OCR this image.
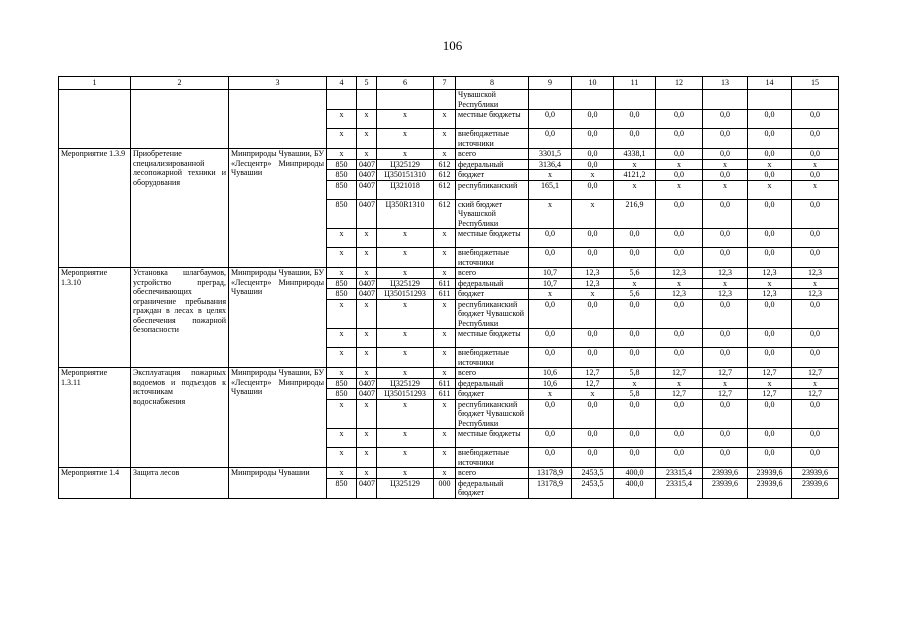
106
1	2	3	4	5	6	7	8	9	10	11	12	13	14	15
							Чувашской Республики							
			x	x	x	x	местные бюджеты	0,0	0,0	0,0	0,0	0,0	0,0	0,0
			x	x	x	x	внебюджетные источники	0,0	0,0	0,0	0,0	0,0	0,0	0,0
Мероприятие 1.3.9	Приобретение специализированной лесопожарной техники и оборудования	Минприроды Чувашии, БУ «Лесцентр» Минприроды Чувашии	x	x	x	x	всего	3301,5	0,0	4338,1	0,0	0,0	0,0	0,0
			850	0407	Ц325129	612	федеральный	3136,4	0,0	x	x	x	x	x
			850	0407	Ц350151310	612	бюджет	x	x	4121,2	0,0	0,0	0,0	0,0
			850	0407	Ц321018	612	республиканский	165,1	0,0	x	x	x	x	x
			850	0407	Ц350R1310	612	ский бюджет Чувашской Республики	x	x	216,9	0,0	0,0	0,0	0,0
			x	x	x	x	местные бюджеты	0,0	0,0	0,0	0,0	0,0	0,0	0,0
			x	x	x	x	внебюджетные источники	0,0	0,0	0,0	0,0	0,0	0,0	0,0
Мероприятие 1.3.10	Установка шлагбаумов, устройство преград, обеспечивающих ограничение пребывания граждан в лесах в целях обеспечения пожарной безопасности	Минприроды Чувашии, БУ «Лесцентр» Минприроды Чувашии	x	x	x	x	всего	10,7	12,3	5,6	12,3	12,3	12,3	12,3
			850	0407	Ц325129	611	федеральный	10,7	12,3	x	x	x	x	x
			850	0407	Ц350151293	611	бюджет	x	x	5,6	12,3	12,3	12,3	12,3
			x	x	x	x	республиканский бюджет Чувашской Республики	0,0	0,0	0,0	0,0	0,0	0,0	0,0
			x	x	x	x	местные бюджеты	0,0	0,0	0,0	0,0	0,0	0,0	0,0
			x	x	x	x	внебюджетные источники	0,0	0,0	0,0	0,0	0,0	0,0	0,0
Мероприятие 1.3.11	Эксплуатация пожарных водоемов и подъездов к источникам водоснабжения	Минприроды Чувашии, БУ «Лесцентр» Минприроды Чувашии	x	x	x	x	всего	10,6	12,7	5,8	12,7	12,7	12,7	12,7
			850	0407	Ц325129	611	федеральный	10,6	12,7	x	x	x	x	x
			850	0407	Ц350151293	611	бюджет	x	x	5,8	12,7	12,7	12,7	12,7
			x	x	x	x	республиканский бюджет Чувашской Республики	0,0	0,0	0,0	0,0	0,0	0,0	0,0
			x	x	x	x	местные бюджеты	0,0	0,0	0,0	0,0	0,0	0,0	0,0
			x	x	x	x	внебюджетные источники	0,0	0,0	0,0	0,0	0,0	0,0	0,0
Мероприятие 1.4	Защита лесов	Минприроды Чувашии	x	x	x	x	всего	13178,9	2453,5	400,0	23315,4	23939,6	23939,6	23939,6
			850	0407	Ц325129	000	федеральный бюджет	13178,9	2453,5	400,0	23315,4	23939,6	23939,6	23939,6
